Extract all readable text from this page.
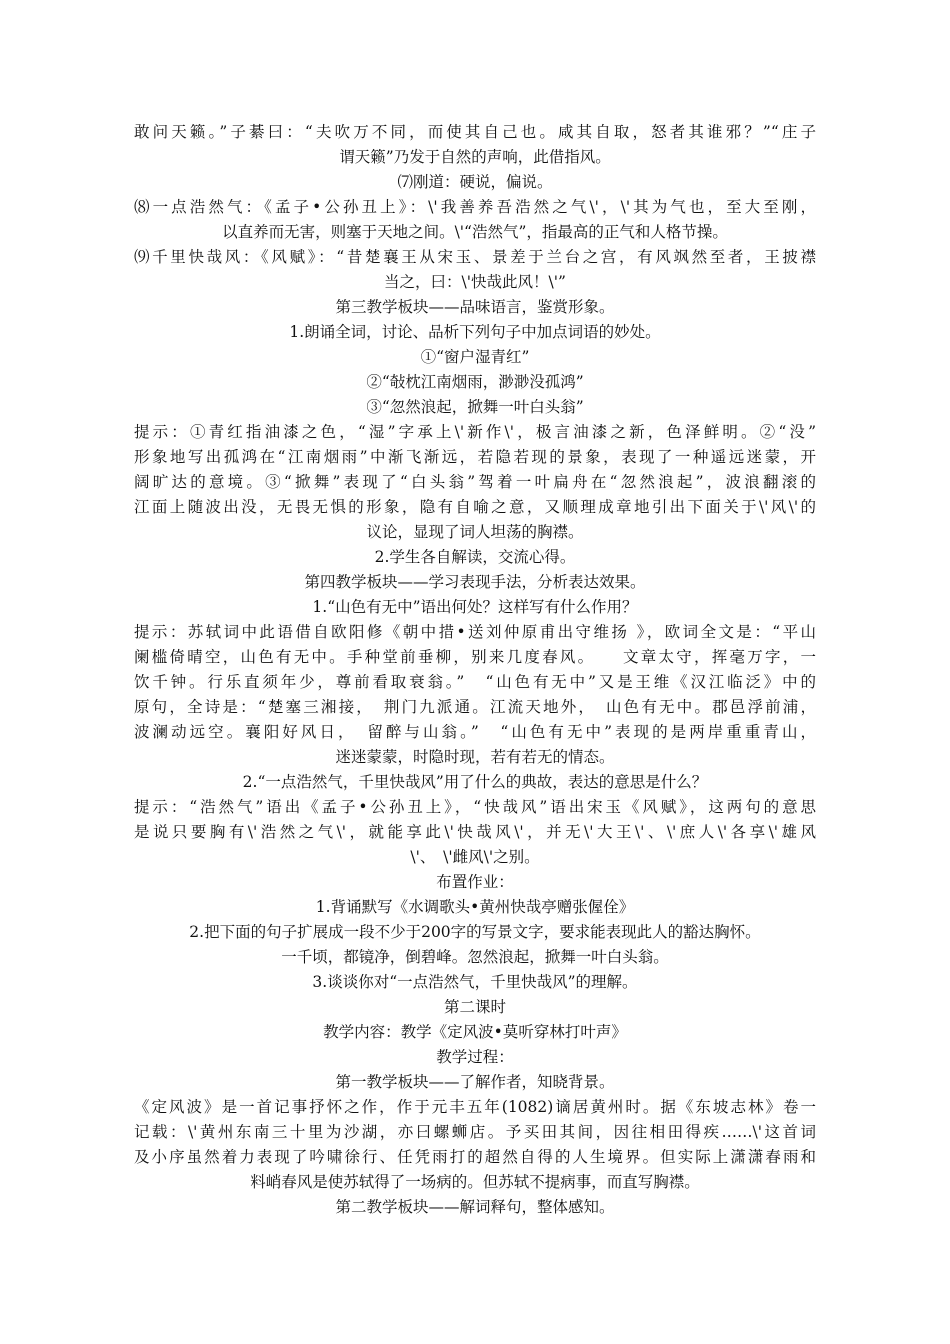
敢问天籁。”子綦曰：“夫吹万不同，而使其自己也。咸其自取，怒者其谁邪？”“庄子
谓天籁”乃发于自然的声响，此借指风。
⑺刚道：硬说，偏说。
⑻一点浩然气：《孟子•公孙丑上》：\'我善养吾浩然之气\'，\'其为气也，至大至刚，
以直养而无害，则塞于天地之间。\'“浩然气”，指最高的正气和人格节操。
⑼千里快哉风：《风赋》：“昔楚襄王从宋玉、景差于兰台之宫，有风飒然至者，王披襟
当之，曰：\'快哉此风！\'”
第三教学板块——品味语言，鉴赏形象。
1.朗诵全词，讨论、品析下列句子中加点词语的妙处。
①“窗户湿青红”
②“敧枕江南烟雨，渺渺没孤鸿”
③“忽然浪起，掀舞一叶白头翁”
提示：①青红指油漆之色，“湿”字承上\'新作\'，极言油漆之新，色泽鲜明。②“没”
形象地写出孤鸿在“江南烟雨”中渐飞渐远，若隐若现的景象，表现了一种遥远迷蒙，开
阔旷达的意境。③“掀舞”表现了“白头翁”驾着一叶扁舟在“忽然浪起”，波浪翻滚的
江面上随波出没，无畏无惧的形象，隐有自喻之意，又顺理成章地引出下面关于\'风\'的
议论，显现了词人坦荡的胸襟。
2.学生各自解读，交流心得。
第四教学板块——学习表现手法，分析表达效果。
1.“山色有无中”语出何处？这样写有什么作用？
提示：苏轼词中此语借自欧阳修《朝中措•送刘仲原甫出守维扬 》，欧词全文是：“平山
阑槛倚晴空，山色有无中。手种堂前垂柳，别来几度春风。　　文章太守，挥毫万字，一
饮千钟。行乐直须年少，尊前看取衰翁。”　“山色有无中”又是王维《汉江临泛》中的
原句，全诗是：“楚塞三湘接，　荆门九派通。江流天地外，　山色有无中。郡邑浮前浦，
波澜动远空。襄阳好风日，　留醉与山翁。”　“山色有无中”表现的是两岸重重青山，
迷迷蒙蒙，时隐时现，若有若无的情态。
2.“一点浩然气，千里快哉风”用了什么的典故，表达的意思是什么？
提示：“浩然气”语出《孟子•公孙丑上》，“快哉风”语出宋玉《风赋》，这两句的意思
是说只要胸有\'浩然之气\'，就能享此\'快哉风\'，并无\'大王\'、\'庶人\'各享\'雄风
\'、　\'雌风\'之别。
布置作业：
1.背诵默写《水调歌头•黄州快哉亭赠张偓佺》
2.把下面的句子扩展成一段不少于200字的写景文字，要求能表现此人的豁达胸怀。
一千顷，都镜净，倒碧峰。忽然浪起，掀舞一叶白头翁。
3.谈谈你对“一点浩然气，千里快哉风”的理解。
第二课时
教学内容：教学《定风波•莫听穿林打叶声》
教学过程：
第一教学板块——了解作者，知晓背景。
《定风波》是一首记事抒怀之作，作于元丰五年(1082)谪居黄州时。据《东坡志林》卷一
记载：\'黄州东南三十里为沙湖，亦曰螺蛳店。予买田其间，因往相田得疾……\'这首词
及小序虽然着力表现了吟啸徐行、任凭雨打的超然自得的人生境界。但实际上潇潇春雨和
料峭春风是使苏轼得了一场病的。但苏轼不提病事，而直写胸襟。
第二教学板块——解词释句，整体感知。
